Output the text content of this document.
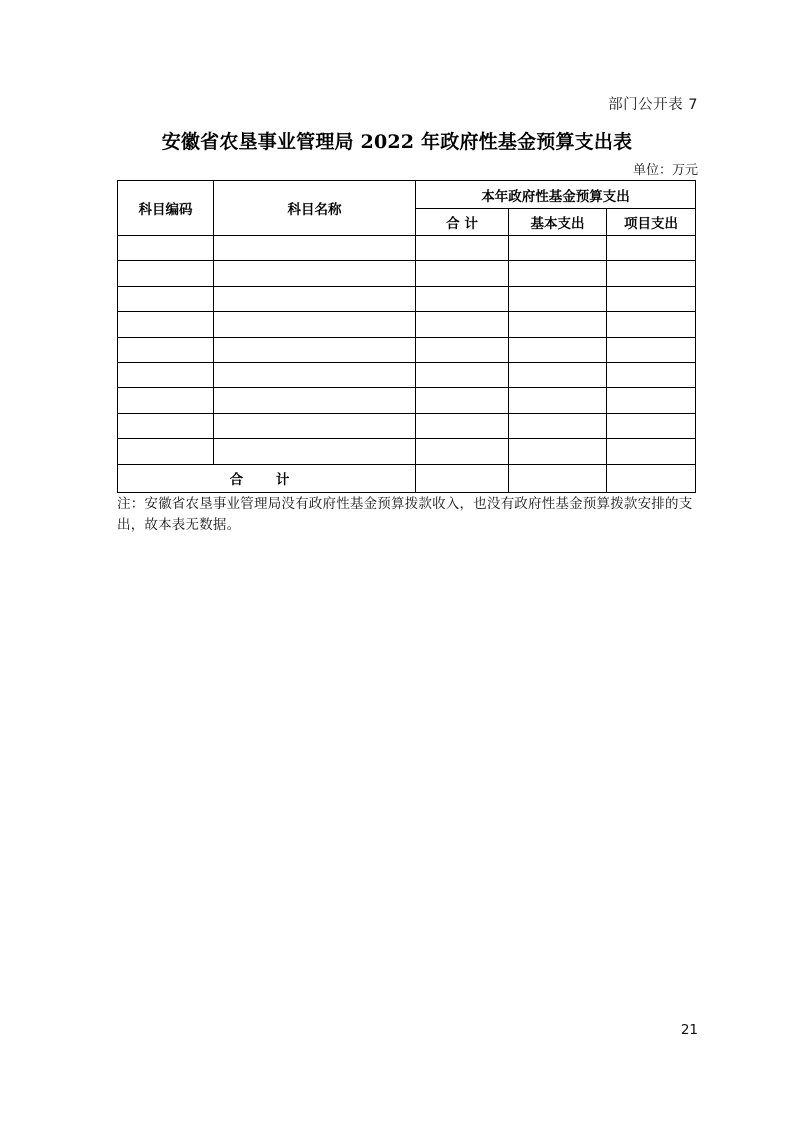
部门公开表 7
安徽省农垦事业管理局 2022 年政府性基金预算支出表
单位：万元
科目编码	科目名称	本年政府性基金预算支出		
		合 计	基本支出	项目支出

合 计				
注：安徽省农垦事业管理局没有政府性基金预算拨款收入，也没有政府性基金预算拨款安排的支出，故本表无数据。
21
